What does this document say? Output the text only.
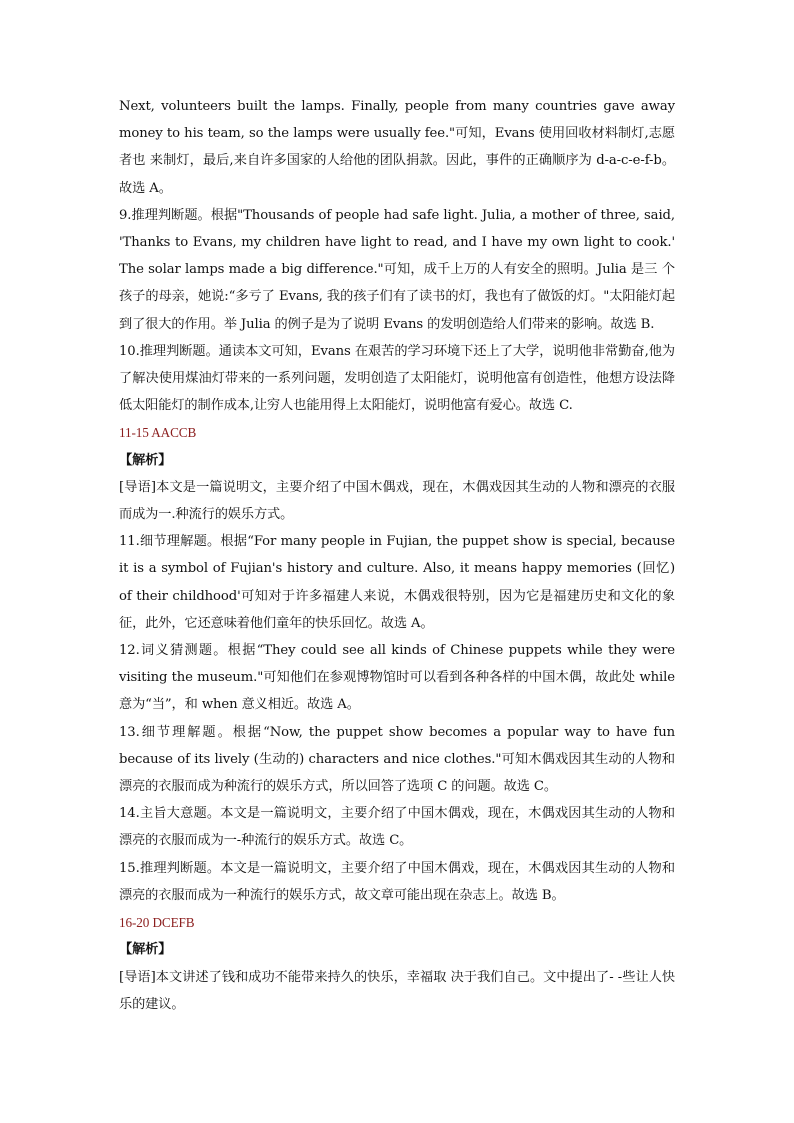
Next, volunteers built the lamps. Finally, people from many countries gave away money to his team, so the lamps were usually fee."可知，Evans 使用回收材料制灯,志愿者也 来制灯，最后,来自许多国家的人给他的团队捐款。因此，事件的正确顺序为 d-a-c-e-f-b。 故选 A。

9.推理判断题。根据"Thousands of people had safe light. Julia, a mother of three, said, 'Thanks to Evans, my children have light to read, and I have my own light to cook.' The solar lamps made a big difference."可知，成千上万的人有安全的照明。Julia 是三 个孩子的母亲，她说:“多亏了 Evans, 我的孩子们有了读书的灯，我也有了做饭的灯。"太阳能灯起到了很大的作用。举 Julia 的例子是为了说明 Evans 的发明创造给人们带来的影响。故选 B.

10.推理判断题。通读本文可知，Evans 在艰苦的学习环境下还上了大学，说明他非常勤奋,他为了解决使用煤油灯带来的一系列问题，发明创造了太阳能灯，说明他富有创造性，他想方设法降低太阳能灯的制作成本,让穷人也能用得上太阳能灯，说明他富有爱心。故选 C.

11-15 AACCB

【解析】

[导语]本文是一篇说明文，主要介绍了中国木偶戏，现在，木偶戏因其生动的人物和漂亮的衣服而成为一.种流行的娱乐方式。

11.细节理解题。根据“For many people in Fujian, the puppet show is special, because it is a symbol of Fujian's history and culture. Also, it means happy memories (回忆) of their childhood'可知对于许多福建人来说，木偶戏很特别，因为它是福建历史和文化的象征，此外，它还意味着他们童年的快乐回忆。故选 A。

12.词义猜测题。根据“They could see all kinds of Chinese puppets while they were visiting the museum."可知他们在参观博物馆时可以看到各种各样的中国木偶，故此处 while 意为“当”，和 when 意义相近。故选 A。

13.细节理解题。根据“Now, the puppet show becomes a popular way to have fun because of its lively (生动的) characters and nice clothes."可知木偶戏因其生动的人物和漂亮的衣服而成为种流行的娱乐方式，所以回答了选项 C 的问题。故选 C。

14.主旨大意题。本文是一篇说明文，主要介绍了中国木偶戏，现在，木偶戏因其生动的人物和漂亮的衣服而成为一-种流行的娱乐方式。故选 C。

15.推理判断题。本文是一篇说明文，主要介绍了中国木偶戏，现在，木偶戏因其生动的人物和漂亮的衣服而成为一种流行的娱乐方式，故文章可能出现在杂志上。故选 B。

16-20 DCEFB

【解析】

[导语]本文讲述了钱和成功不能带来持久的快乐，幸福取 决于我们自己。文中提出了- -些让人快乐的建议。
